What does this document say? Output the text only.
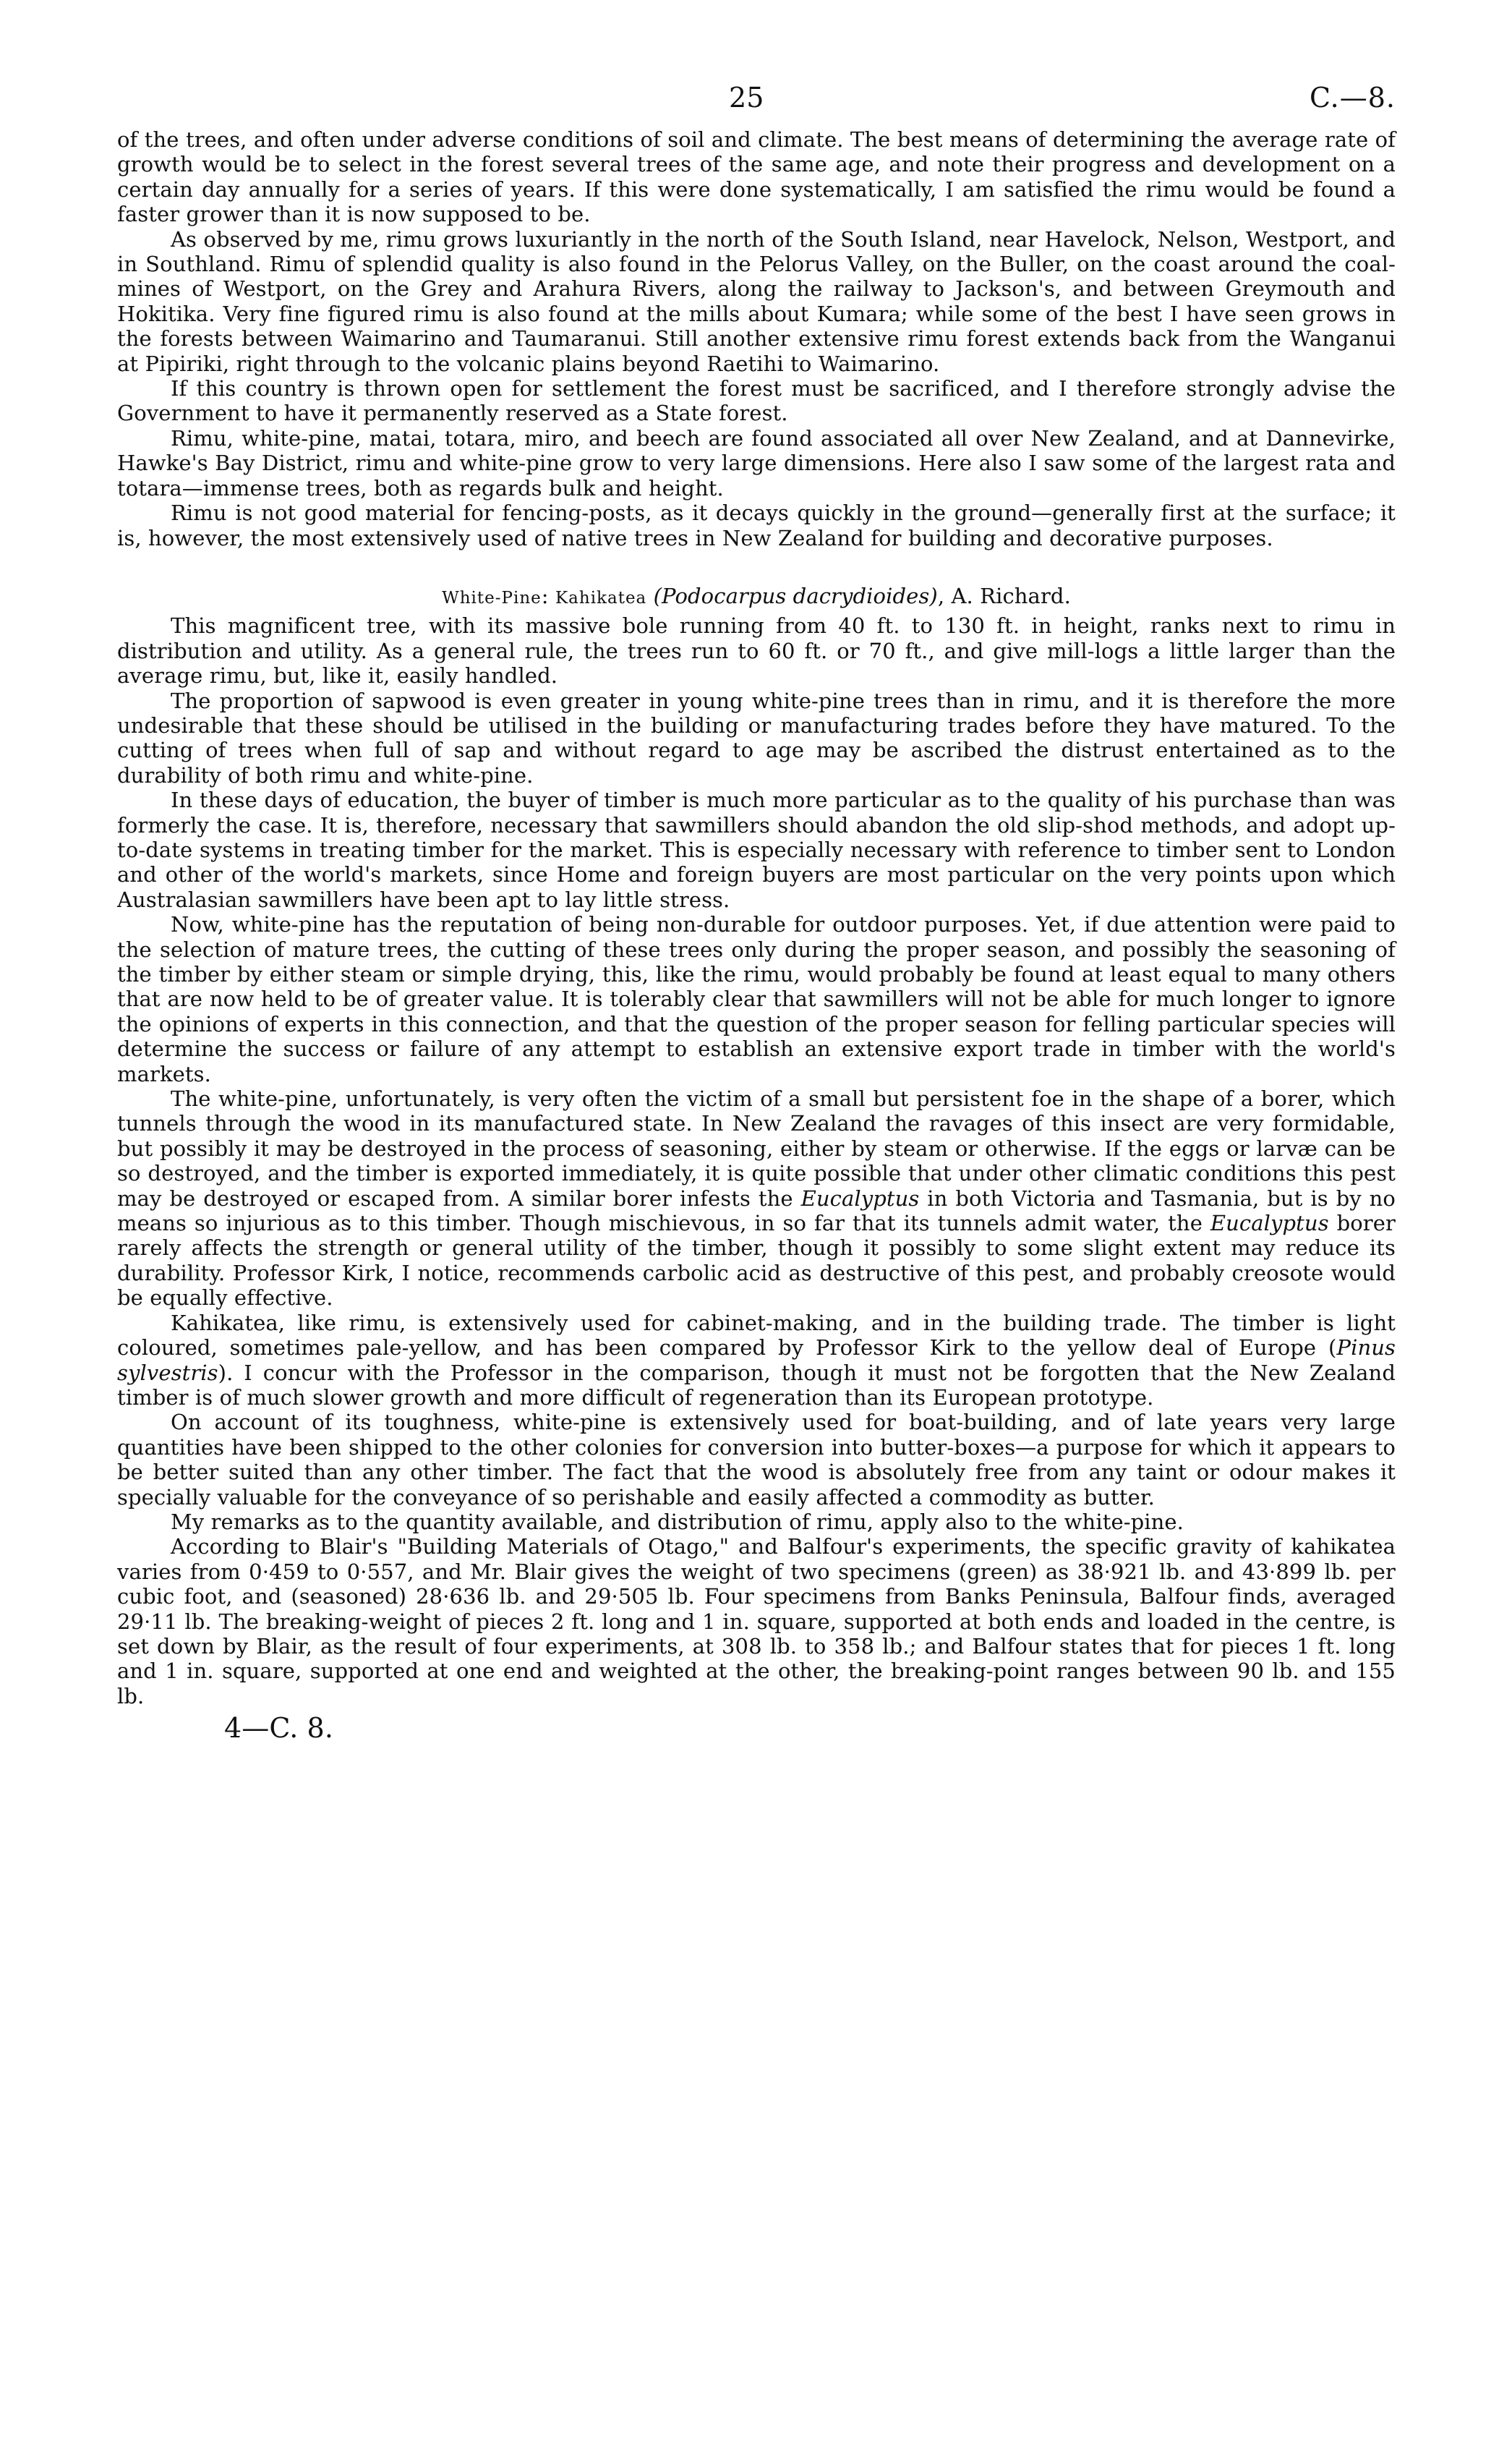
25	C.—8.

of the trees, and often under adverse conditions of soil and climate. The best means of determining the average rate of growth would be to select in the forest several trees of the same age, and note their progress and development on a certain day annually for a series of years. If this were done systematically, I am satisfied the rimu would be found a faster grower than it is now supposed to be.

As observed by me, rimu grows luxuriantly in the north of the South Island, near Havelock, Nelson, Westport, and in Southland. Rimu of splendid quality is also found in the Pelorus Valley, on the Buller, on the coast around the coal-mines of Westport, on the Grey and Arahura Rivers, along the railway to Jackson's, and between Greymouth and Hokitika. Very fine figured rimu is also found at the mills about Kumara; while some of the best I have seen grows in the forests between Waimarino and Taumaranui. Still another extensive rimu forest extends back from the Wanganui at Pipiriki, right through to the volcanic plains beyond Raetihi to Waimarino.

If this country is thrown open for settlement the forest must be sacrificed, and I therefore strongly advise the Government to have it permanently reserved as a State forest.

Rimu, white-pine, matai, totara, miro, and beech are found associated all over New Zealand, and at Dannevirke, Hawke's Bay District, rimu and white-pine grow to very large dimensions. Here also I saw some of the largest rata and totara—immense trees, both as regards bulk and height.

Rimu is not good material for fencing-posts, as it decays quickly in the ground—generally first at the surface; it is, however, the most extensively used of native trees in New Zealand for building and decorative purposes.

White-Pine: Kahikatea (Podocarpus dacrydioides), A. Richard.

This magnificent tree, with its massive bole running from 40 ft. to 130 ft. in height, ranks next to rimu in distribution and utility. As a general rule, the trees run to 60 ft. or 70 ft., and give mill-logs a little larger than the average rimu, but, like it, easily handled.

The proportion of sapwood is even greater in young white-pine trees than in rimu, and it is therefore the more undesirable that these should be utilised in the building or manufacturing trades before they have matured. To the cutting of trees when full of sap and without regard to age may be ascribed the distrust entertained as to the durability of both rimu and white-pine.

In these days of education, the buyer of timber is much more particular as to the quality of his purchase than was formerly the case. It is, therefore, necessary that sawmillers should abandon the old slip-shod methods, and adopt up-to-date systems in treating timber for the market. This is especially necessary with reference to timber sent to London and other of the world's markets, since Home and foreign buyers are most particular on the very points upon which Australasian sawmillers have been apt to lay little stress.

Now, white-pine has the reputation of being non-durable for outdoor purposes. Yet, if due attention were paid to the selection of mature trees, the cutting of these trees only during the proper season, and possibly the seasoning of the timber by either steam or simple drying, this, like the rimu, would probably be found at least equal to many others that are now held to be of greater value. It is tolerably clear that sawmillers will not be able for much longer to ignore the opinions of experts in this connection, and that the question of the proper season for felling particular species will determine the success or failure of any attempt to establish an extensive export trade in timber with the world's markets.

The white-pine, unfortunately, is very often the victim of a small but persistent foe in the shape of a borer, which tunnels through the wood in its manufactured state. In New Zealand the ravages of this insect are very formidable, but possibly it may be destroyed in the process of seasoning, either by steam or otherwise. If the eggs or larvæ can be so destroyed, and the timber is exported immediately, it is quite possible that under other climatic conditions this pest may be destroyed or escaped from. A similar borer infests the Eucalyptus in both Victoria and Tasmania, but is by no means so injurious as to this timber. Though mischievous, in so far that its tunnels admit water, the Eucalyptus borer rarely affects the strength or general utility of the timber, though it possibly to some slight extent may reduce its durability. Professor Kirk, I notice, recommends carbolic acid as destructive of this pest, and probably creosote would be equally effective.

Kahikatea, like rimu, is extensively used for cabinet-making, and in the building trade. The timber is light coloured, sometimes pale-yellow, and has been compared by Professor Kirk to the yellow deal of Europe (Pinus sylvestris). I concur with the Professor in the comparison, though it must not be forgotten that the New Zealand timber is of much slower growth and more difficult of regeneration than its European prototype.

On account of its toughness, white-pine is extensively used for boat-building, and of late years very large quantities have been shipped to the other colonies for conversion into butter-boxes—a purpose for which it appears to be better suited than any other timber. The fact that the wood is absolutely free from any taint or odour makes it specially valuable for the conveyance of so perishable and easily affected a commodity as butter.

My remarks as to the quantity available, and distribution of rimu, apply also to the white-pine.

According to Blair's "Building Materials of Otago," and Balfour's experiments, the specific gravity of kahikatea varies from 0·459 to 0·557, and Mr. Blair gives the weight of two specimens (green) as 38·921 lb. and 43·899 lb. per cubic foot, and (seasoned) 28·636 lb. and 29·505 lb. Four specimens from Banks Peninsula, Balfour finds, averaged 29·11 lb. The breaking-weight of pieces 2 ft. long and 1 in. square, supported at both ends and loaded in the centre, is set down by Blair, as the result of four experiments, at 308 lb. to 358 lb.; and Balfour states that for pieces 1 ft. long and 1 in. square, supported at one end and weighted at the other, the breaking-point ranges between 90 lb. and 155 lb.

4—C. 8.
